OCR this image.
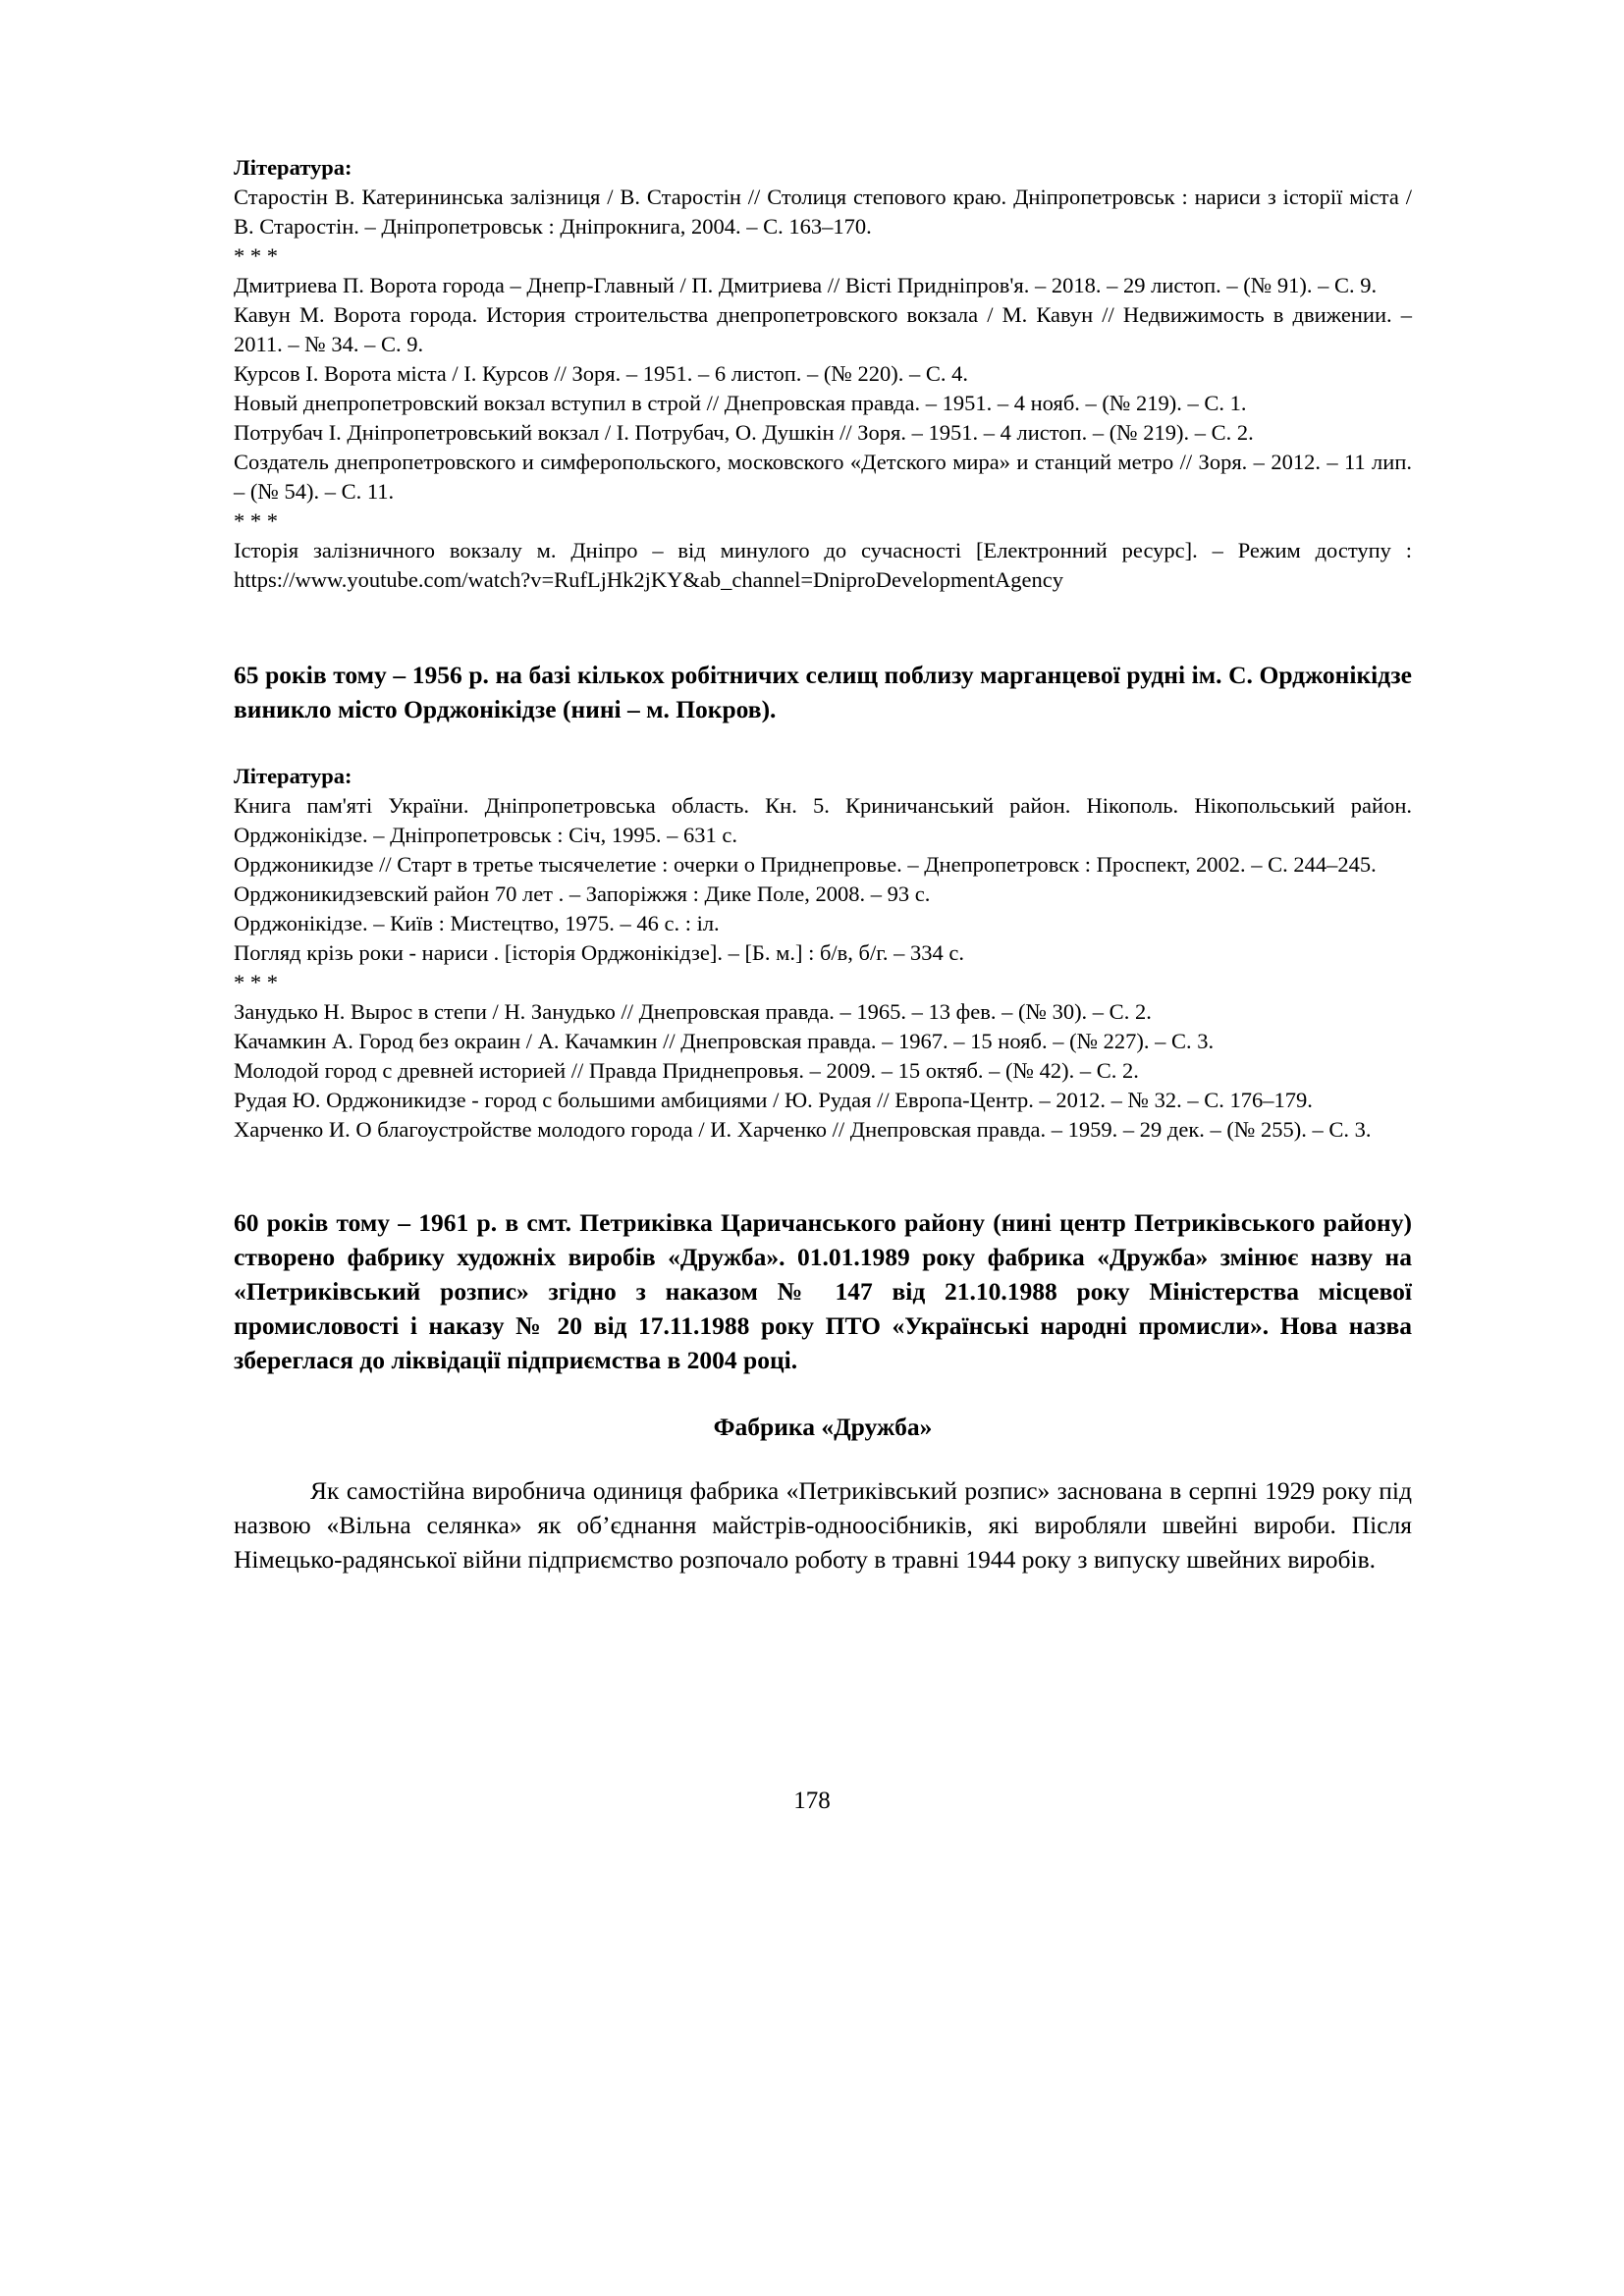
Література:

Старостін В. Катерининська залізниця / В. Старостін // Столиця степового краю. Дніпропетровськ : нариси з історії міста / В. Старостін. – Дніпропетровськ : Дніпрокнига, 2004. – С. 163–170.

* * *

Дмитриева П. Ворота города – Днепр-Главный / П. Дмитриева // Вісті Придніпров'я. – 2018. – 29 листоп. – (№ 91). – С. 9.

Кавун М. Ворота города. История строительства днепропетровского вокзала / М. Кавун // Недвижимость в движении. – 2011. – № 34. – С. 9.

Курсов І. Ворота міста / І. Курсов // Зоря. – 1951. – 6 листоп. – (№ 220). – С. 4.

Новый днепропетровский вокзал вступил в строй // Днепровская правда. – 1951. – 4 нояб. – (№ 219). – С. 1.

Потрубач І. Дніпропетровський вокзал / І. Потрубач, О. Душкін // Зоря. – 1951. – 4 листоп. – (№ 219). – С. 2.

Создатель днепропетровского и симферопольского, московского «Детского мира» и станций метро // Зоря. – 2012. – 11 лип. – (№ 54). – С. 11.

* * *

Історія залізничного вокзалу м. Дніпро – від минулого до сучасності [Електронний ресурс]. – Режим доступу : https://www.youtube.com/watch?v=RufLjHk2jKY&ab_channel=DniproDevelopmentAgency

65 років тому – 1956 р. на базі кількох робітничих селищ поблизу марганцевої рудні ім. С. Орджонікідзе виникло місто Орджонікідзе (нині – м. Покров).

Література:

Книга пам'яті України. Дніпропетровська область. Кн. 5. Криничанський район. Нікополь. Нікопольський район. Орджонікідзе. – Дніпропетровськ : Січ, 1995. – 631 с.

Орджоникидзе // Старт в третье тысячелетие : очерки о Приднепровье. – Днепропетровск : Проспект, 2002. – С. 244–245.

Орджоникидзевский район 70 лет . – Запоріжжя : Дике Поле, 2008. – 93 с.

Орджонікідзе. – Київ : Мистецтво, 1975. – 46 с. : іл.

Погляд крізь роки - нариси . [історія Орджонікідзе]. – [Б. м.] : б/в, б/г. – 334 с.

* * *

Занудько Н. Вырос в степи / Н. Занудько // Днепровская правда. – 1965. – 13 фев. – (№ 30). – С. 2.

Качамкин А. Город без окраин / А. Качамкин // Днепровская правда. – 1967. – 15 нояб. – (№ 227). – С. 3.

Молодой город с древней историей // Правда Приднепровья. – 2009. – 15 октяб. – (№ 42). – С. 2.

Рудая Ю. Орджоникидзе - город с большими амбициями / Ю. Рудая // Европа-Центр. – 2012. – № 32. – С. 176–179.

Харченко И. О благоустройстве молодого города / И. Харченко // Днепровская правда. – 1959. – 29 дек. – (№ 255). – С. 3.

60 років тому – 1961 р. в смт. Петриківка Царичанського району (нині центр Петриківського району) створено фабрику художніх виробів «Дружба». 01.01.1989 року фабрика «Дружба» змінює назву на «Петриківський розпис» згідно з наказом № 147 від 21.10.1988 року Міністерства місцевої промисловості і наказу № 20 від 17.11.1988 року ПТО «Українські народні промисли». Нова назва збереглася до ліквідації підприємства в 2004 році.

Фабрика «Дружба»

Як самостійна виробнича одиниця фабрика «Петриківський розпис» заснована в серпні 1929 року під назвою «Вільна селянка» як об’єднання майстрів-одноосібників, які виробляли швейні вироби. Після Німецько-радянської війни підприємство розпочало роботу в травні 1944 року з випуску швейних виробів.

178
